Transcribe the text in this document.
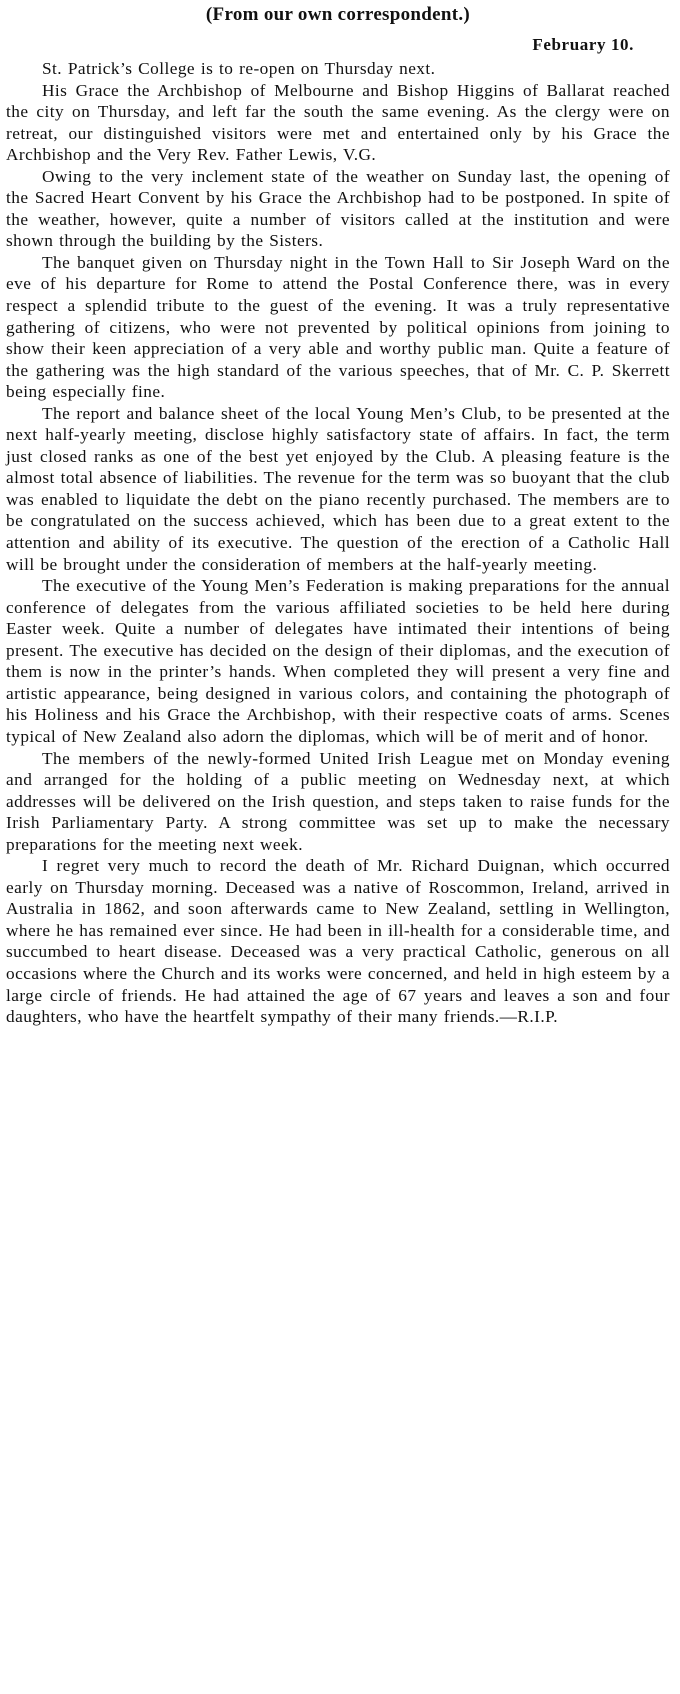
(From our own correspondent.)

February 10.

St. Patrick’s College is to re-open on Thursday next.

His Grace the Archbishop of Melbourne and Bishop Higgins of Ballarat reached the city on Thursday, and left far the south the same evening. As the clergy were on retreat, our distinguished visitors were met and entertained only by his Grace the Archbishop and the Very Rev. Father Lewis, V.G.

Owing to the very inclement state of the weather on Sunday last, the opening of the Sacred Heart Convent by his Grace the Archbishop had to be postponed. In spite of the weather, however, quite a number of visitors called at the institution and were shown through the building by the Sisters.

The banquet given on Thursday night in the Town Hall to Sir Joseph Ward on the eve of his departure for Rome to attend the Postal Conference there, was in every respect a splendid tribute to the guest of the evening. It was a truly representative gathering of citizens, who were not prevented by political opinions from joining to show their keen appreciation of a very able and worthy public man. Quite a feature of the gathering was the high standard of the various speeches, that of Mr. C. P. Skerrett being especially fine.

The report and balance sheet of the local Young Men’s Club, to be presented at the next half-yearly meeting, disclose highly satisfactory state of affairs. In fact, the term just closed ranks as one of the best yet enjoyed by the Club. A pleasing feature is the almost total absence of liabilities. The revenue for the term was so buoyant that the club was enabled to liquidate the debt on the piano recently purchased. The members are to be congratulated on the success achieved, which has been due to a great extent to the attention and ability of its executive. The question of the erection of a Catholic Hall will be brought under the consideration of members at the half-yearly meeting.

The executive of the Young Men’s Federation is making preparations for the annual conference of delegates from the various affiliated societies to be held here during Easter week. Quite a number of delegates have intimated their intentions of being present. The executive has decided on the design of their diplomas, and the execution of them is now in the printer’s hands. When completed they will present a very fine and artistic appearance, being designed in various colors, and containing the photograph of his Holiness and his Grace the Archbishop, with their respective coats of arms. Scenes typical of New Zealand also adorn the diplomas, which will be of merit and of honor.

The members of the newly-formed United Irish League met on Monday evening and arranged for the holding of a public meeting on Wednesday next, at which addresses will be delivered on the Irish question, and steps taken to raise funds for the Irish Parliamentary Party. A strong committee was set up to make the necessary preparations for the meeting next week.

I regret very much to record the death of Mr. Richard Duignan, which occurred early on Thursday morning. Deceased was a native of Roscommon, Ireland, arrived in Australia in 1862, and soon afterwards came to New Zealand, settling in Wellington, where he has remained ever since. He had been in ill-health for a considerable time, and succumbed to heart disease. Deceased was a very practical Catholic, generous on all occasions where the Church and its works were concerned, and held in high esteem by a large circle of friends. He had attained the age of 67 years and leaves a son and four daughters, who have the heartfelt sympathy of their many friends.—R.I.P.
